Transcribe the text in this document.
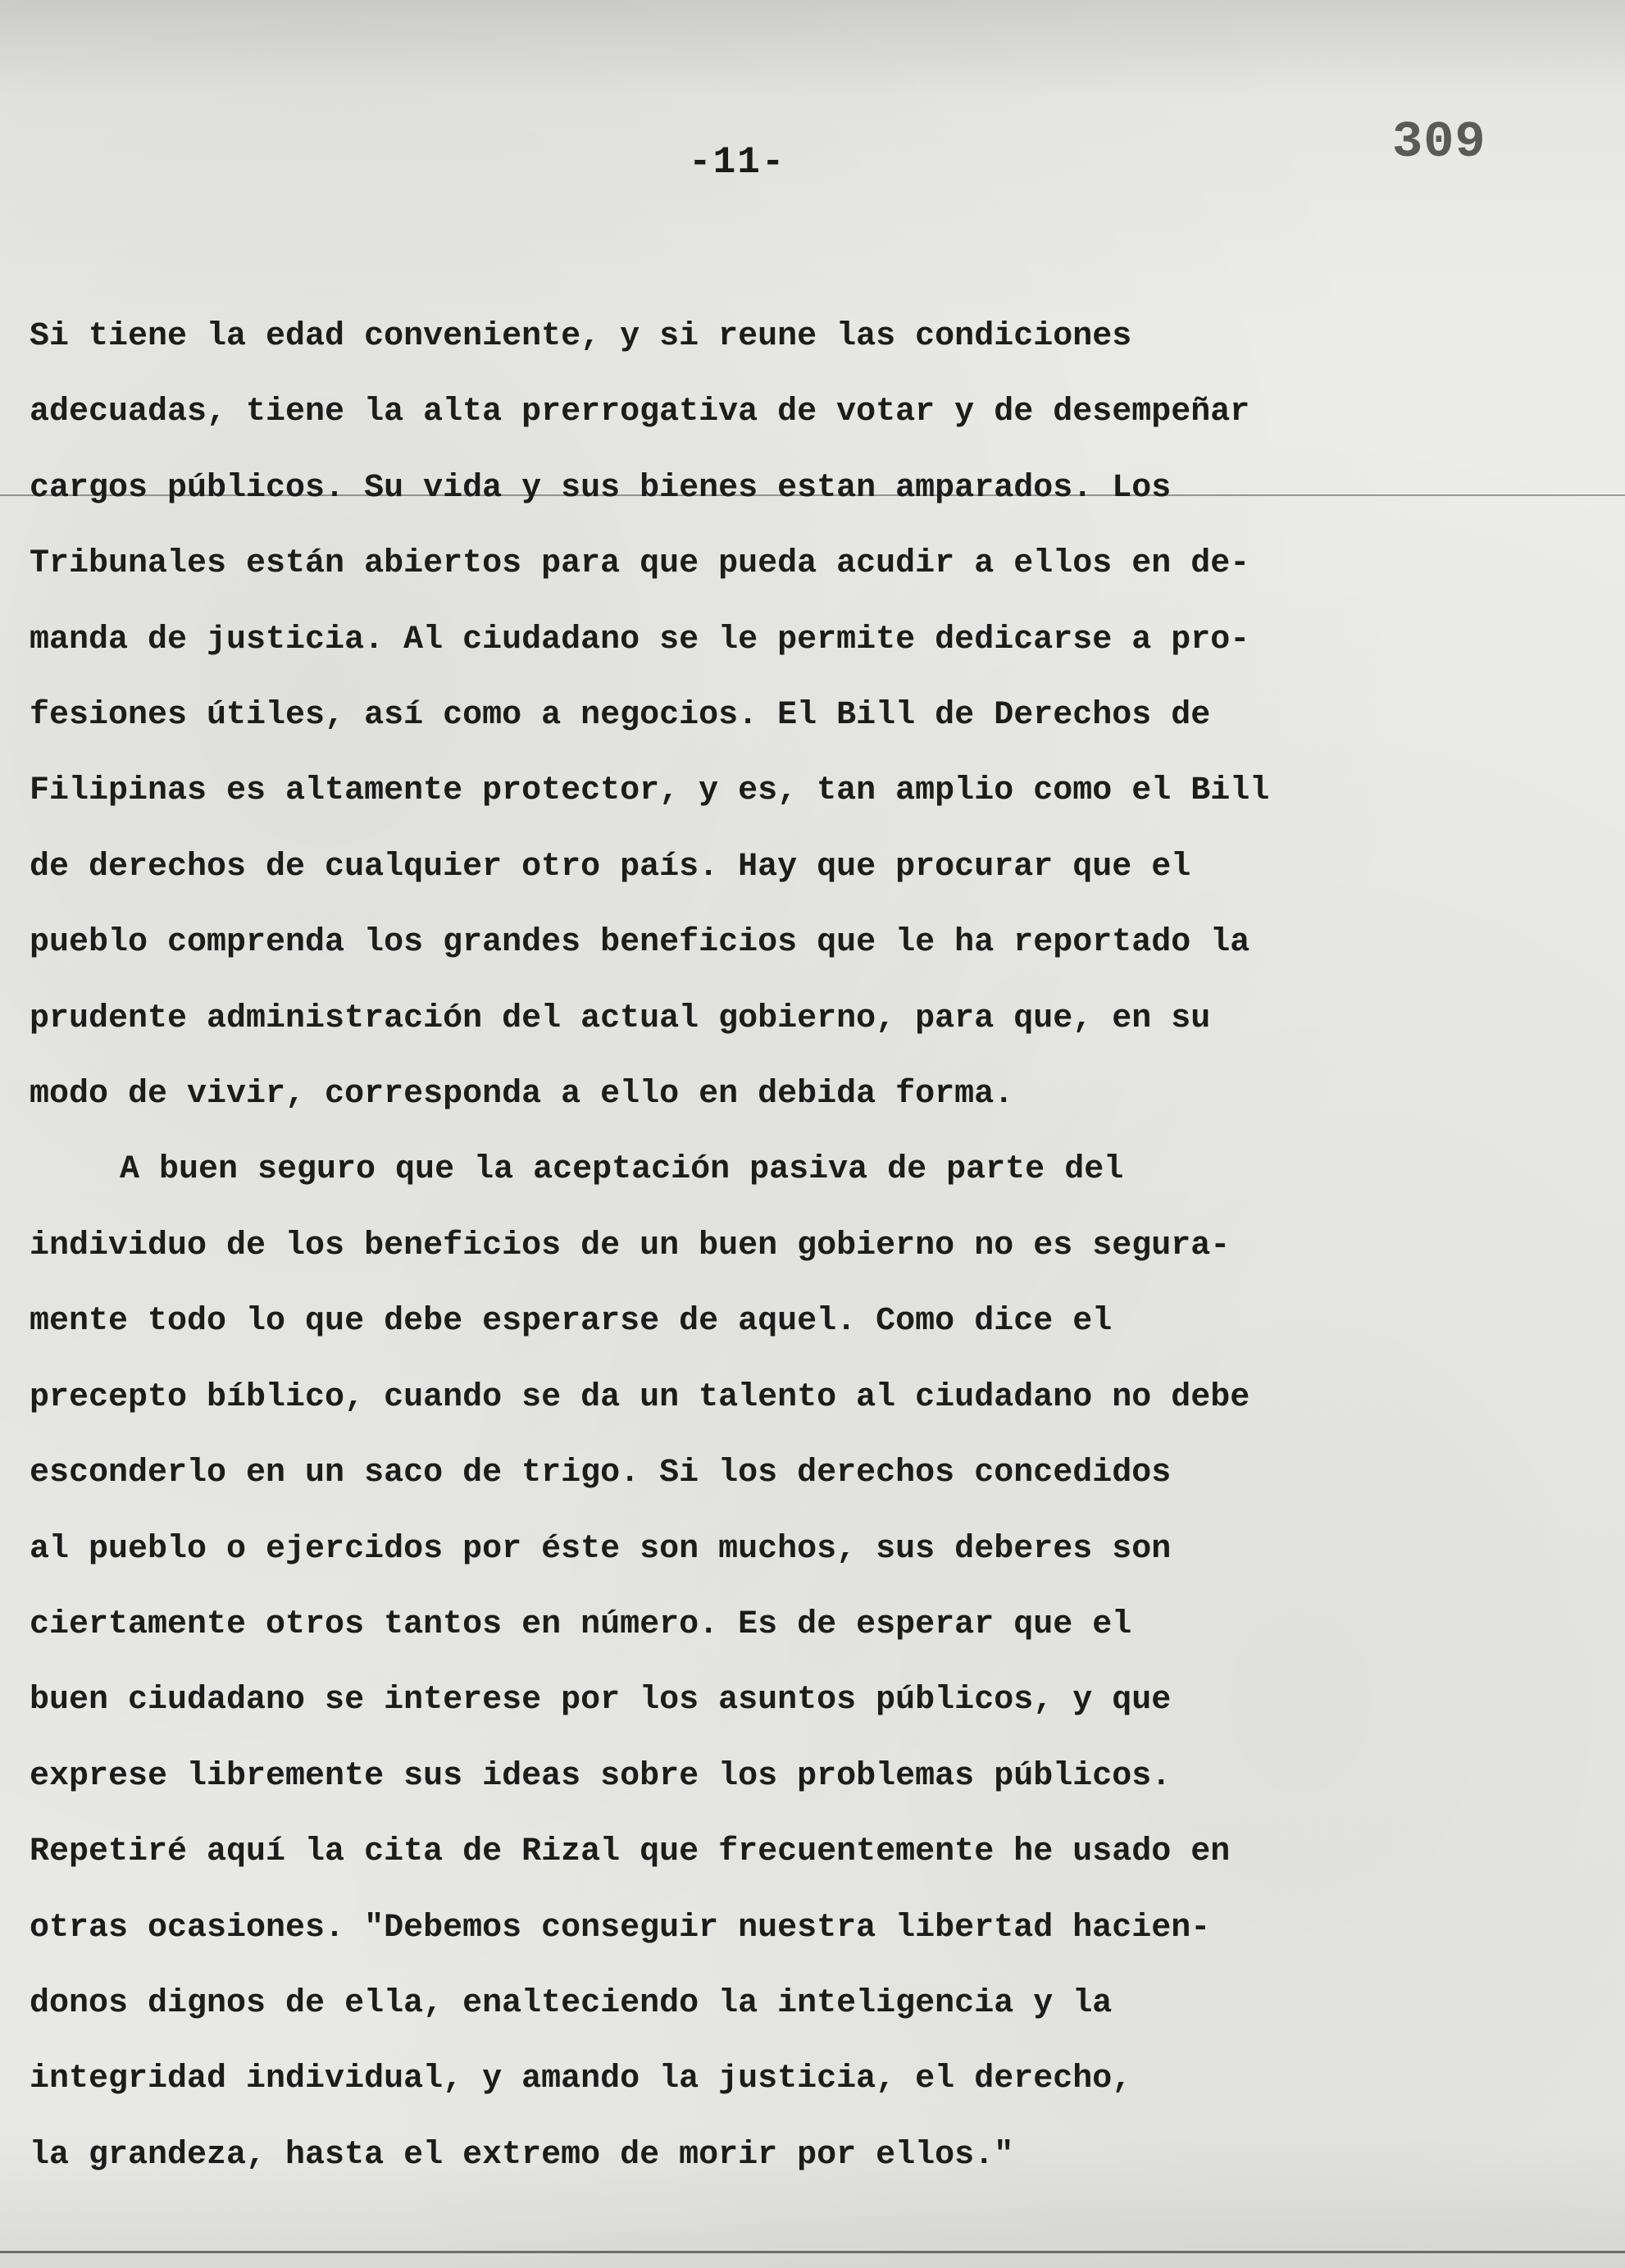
-11-	309

Si tiene la edad conveniente, y si reune las condiciones

adecuadas, tiene la alta prerrogativa de votar y de desempeñar

cargos públicos. Su vida y sus bienes estan amparados. Los

Tribunales están abiertos para que pueda acudir a ellos en de-

manda de justicia. Al ciudadano se le permite dedicarse a pro-

fesiones útiles, así como a negocios. El Bill de Derechos de

Filipinas es altamente protector, y es, tan amplio como el Bill

de derechos de cualquier otro país. Hay que procurar que el

pueblo comprenda los grandes beneficios que le ha reportado la

prudente administración del actual gobierno, para que, en su

modo de vivir, corresponda a ello en debida forma.

A buen seguro que la aceptación pasiva de parte del

individuo de los beneficios de un buen gobierno no es segura-

mente todo lo que debe esperarse de aquel. Como dice el

precepto bíblico, cuando se da un talento al ciudadano no debe

esconderlo en un saco de trigo. Si los derechos concedidos

al pueblo o ejercidos por éste son muchos, sus deberes son

ciertamente otros tantos en número. Es de esperar que el

buen ciudadano se interese por los asuntos públicos, y que

exprese libremente sus ideas sobre los problemas públicos.

Repetiré aquí la cita de Rizal que frecuentemente he usado en

otras ocasiones. "Debemos conseguir nuestra libertad hacien-

donos dignos de ella, enalteciendo la inteligencia y la

integridad individual, y amando la justicia, el derecho,

la grandeza, hasta el extremo de morir por ellos."
